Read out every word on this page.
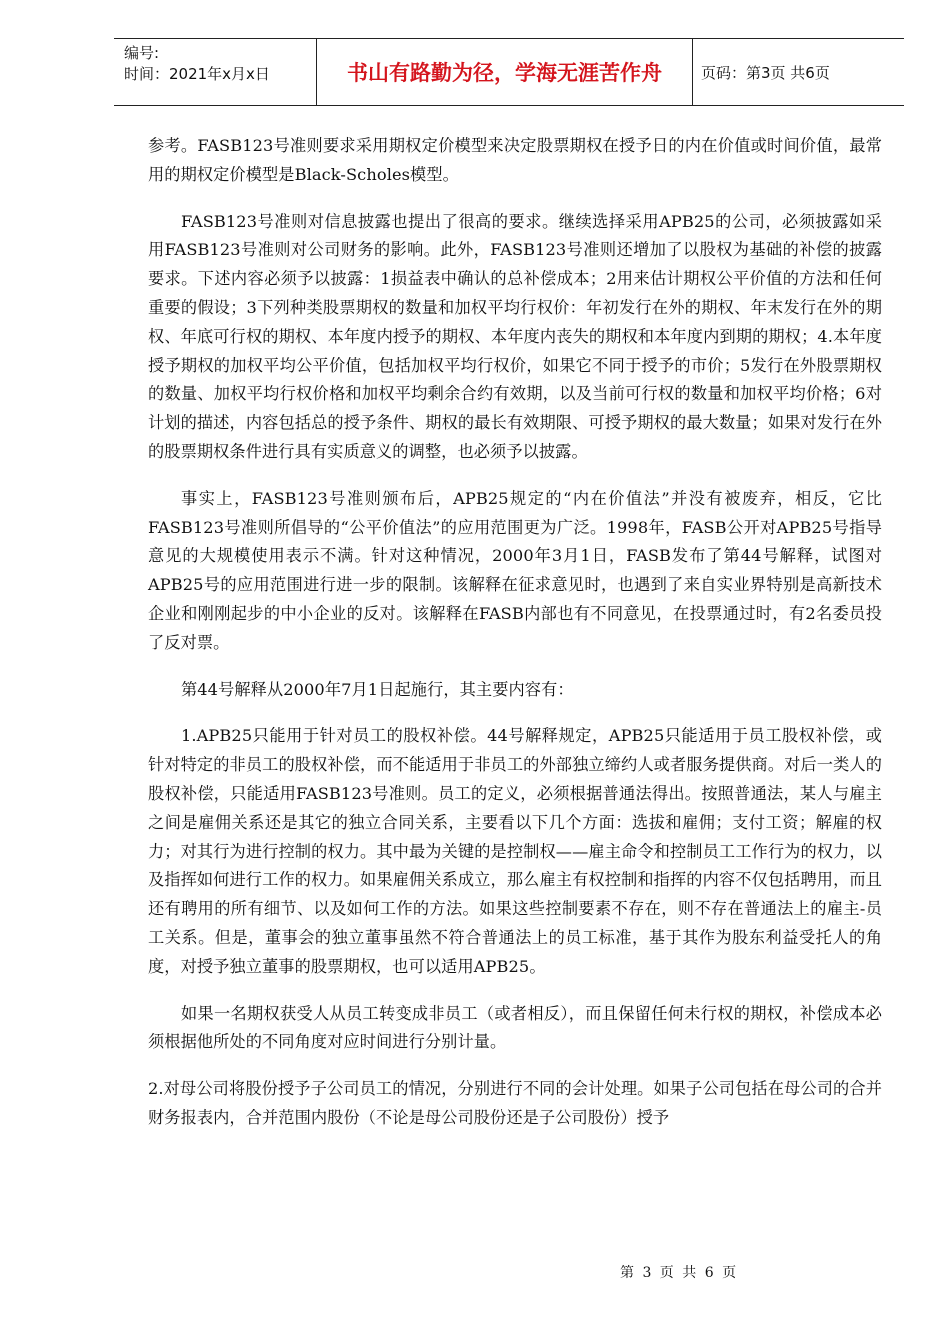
编号:
时间：2021年x月x日	书山有路勤为径，学海无涯苦作舟	页码：第3页 共6页

参考。FASB123号准则要求采用期权定价模型来决定股票期权在授予日的内在价值或时间价值，最常用的期权定价模型是Black-Scholes模型。

FASB123号准则对信息披露也提出了很高的要求。继续选择采用APB25的公司，必须披露如采用FASB123号准则对公司财务的影响。此外，FASB123号准则还增加了以股权为基础的补偿的披露要求。下述内容必须予以披露：1损益表中确认的总补偿成本；2用来估计期权公平价值的方法和任何重要的假设；3下列种类股票期权的数量和加权平均行权价：年初发行在外的期权、年末发行在外的期权、年底可行权的期权、本年度内授予的期权、本年度内丧失的期权和本年度内到期的期权；4.本年度授予期权的加权平均公平价值，包括加权平均行权价，如果它不同于授予的市价；5发行在外股票期权的数量、加权平均行权价格和加权平均剩余合约有效期，以及当前可行权的数量和加权平均价格；6对计划的描述，内容包括总的授予条件、期权的最长有效期限、可授予期权的最大数量；如果对发行在外的股票期权条件进行具有实质意义的调整，也必须予以披露。

事实上，FASB123号准则颁布后，APB25规定的“内在价值法”并没有被废弃，相反，它比FASB123号准则所倡导的“公平价值法”的应用范围更为广泛。1998年，FASB公开对APB25号指导意见的大规模使用表示不满。针对这种情况，2000年3月1日，FASB发布了第44号解释，试图对APB25号的应用范围进行进一步的限制。该解释在征求意见时，也遇到了来自实业界特别是高新技术企业和刚刚起步的中小企业的反对。该解释在FASB内部也有不同意见，在投票通过时，有2名委员投了反对票。

第44号解释从2000年7月1日起施行，其主要内容有：

1.APB25只能用于针对员工的股权补偿。44号解释规定，APB25只能适用于员工股权补偿，或针对特定的非员工的股权补偿，而不能适用于非员工的外部独立缔约人或者服务提供商。对后一类人的股权补偿，只能适用FASB123号准则。员工的定义，必须根据普通法得出。按照普通法，某人与雇主之间是雇佣关系还是其它的独立合同关系，主要看以下几个方面：选拔和雇佣；支付工资；解雇的权力；对其行为进行控制的权力。其中最为关键的是控制权——雇主命令和控制员工工作行为的权力，以及指挥如何进行工作的权力。如果雇佣关系成立，那么雇主有权控制和指挥的内容不仅包括聘用，而且还有聘用的所有细节、以及如何工作的方法。如果这些控制要素不存在，则不存在普通法上的雇主-员工关系。但是，董事会的独立董事虽然不符合普通法上的员工标准，基于其作为股东利益受托人的角度，对授予独立董事的股票期权，也可以适用APB25。

如果一名期权获受人从员工转变成非员工（或者相反），而且保留任何未行权的期权，补偿成本必须根据他所处的不同角度对应时间进行分别计量。

2.对母公司将股份授予子公司员工的情况，分别进行不同的会计处理。如果子公司包括在母公司的合并财务报表内，合并范围内股份（不论是母公司股份还是子公司股份）授予

第 3 页 共 6 页
